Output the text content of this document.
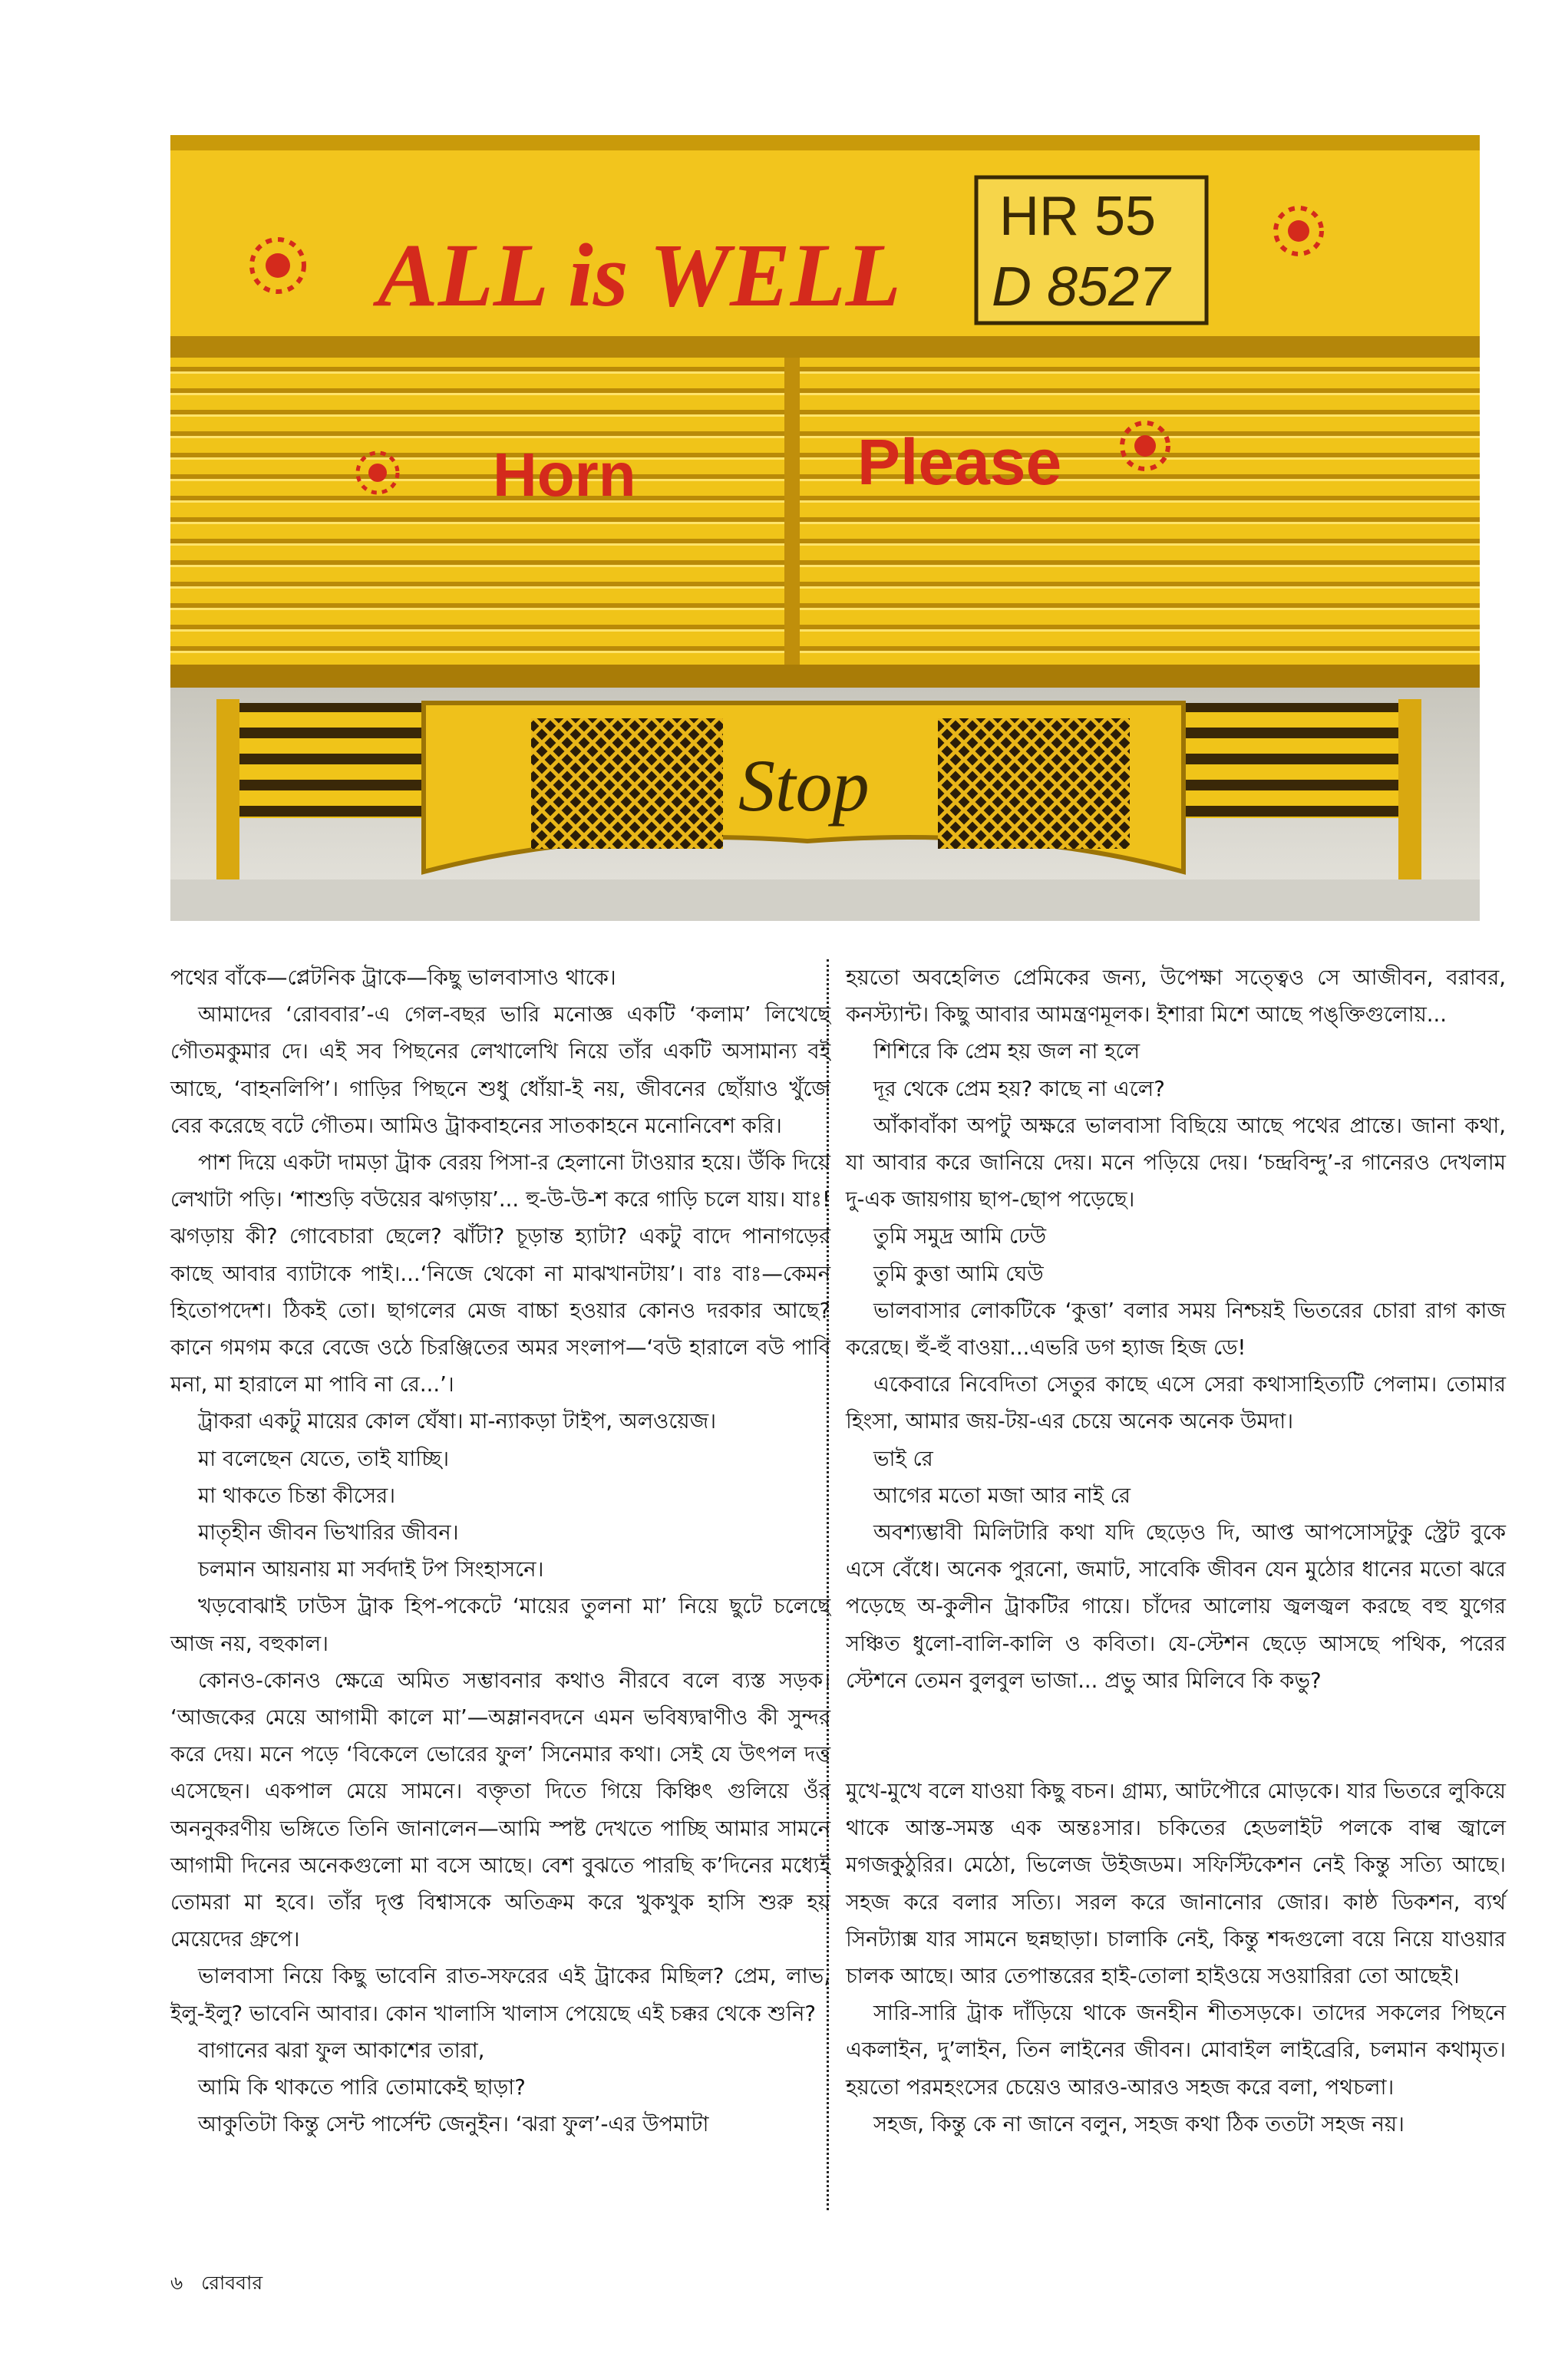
ALL is WELL
HR 55
D 8527
Horn	Please
Stop

পথের বাঁকে—প্লেটনিক ট্রাকে—কিছু ভালবাসাও থাকে।

আমাদের ‘রোববার’-এ গেল-বছর ভারি মনোজ্ঞ একটি ‘কলাম’ লিখেছে গৌতমকুমার দে। এই সব পিছনের লেখালেখি নিয়ে তাঁর একটি অসামান্য বই আছে, ‘বাহনলিপি’। গাড়ির পিছনে শুধু ধোঁয়া-ই নয়, জীবনের ছোঁয়াও খুঁজে বের করেছে বটে গৌতম। আমিও ট্রাকবাহনের সাতকাহনে মনোনিবেশ করি।

পাশ দিয়ে একটা দামড়া ট্রাক বেরয় পিসা-র হেলানো টাওয়ার হয়ে। উঁকি দিয়ে লেখাটা পড়ি। ‘শাশুড়ি বউয়ের ঝগড়ায়’... হু-উ-উ-শ করে গাড়ি চলে যায়। যাঃ! ঝগড়ায় কী? গোবেচারা ছেলে? ঝাঁটা? চূড়ান্ত হ্যাটা? একটু বাদে পানাগড়ের কাছে আবার ব্যাটাকে পাই।...‘নিজে থেকো না মাঝখানটায়’। বাঃ বাঃ—কেমন হিতোপদেশ। ঠিকই তো। ছাগলের মেজ বাচ্চা হওয়ার কোনও দরকার আছে? কানে গমগম করে বেজে ওঠে চিরঞ্জিতের অমর সংলাপ—‘বউ হারালে বউ পাবি মনা, মা হারালে মা পাবি না রে...’।

ট্রাকরা একটু মায়ের কোল ঘেঁষা। মা-ন্যাকড়া টাইপ, অলওয়েজ।

মা বলেছেন যেতে, তাই যাচ্ছি।

মা থাকতে চিন্তা কীসের।

মাতৃহীন জীবন ভিখারির জীবন।

চলমান আয়নায় মা সর্বদাই টপ সিংহাসনে।

খড়বোঝাই ঢাউস ট্রাক হিপ-পকেটে ‘মায়ের তুলনা মা’ নিয়ে ছুটে চলেছে আজ নয়, বহুকাল।

কোনও-কোনও ক্ষেত্রে অমিত সম্ভাবনার কথাও নীরবে বলে ব্যস্ত সড়ক। ‘আজকের মেয়ে আগামী কালে মা’—অম্লানবদনে এমন ভবিষ্যদ্বাণীও কী সুন্দর করে দেয়। মনে পড়ে ‘বিকেলে ভোরের ফুল’ সিনেমার কথা। সেই যে উৎপল দত্ত এসেছেন। একপাল মেয়ে সামনে। বক্তৃতা দিতে গিয়ে কিঞ্চিৎ গুলিয়ে ওঁর অননুকরণীয় ভঙ্গিতে তিনি জানালেন—আমি স্পষ্ট দেখতে পাচ্ছি আমার সামনে আগামী দিনের অনেকগুলো মা বসে আছে। বেশ বুঝতে পারছি ক’দিনের মধ্যেই তোমরা মা হবে। তাঁর দৃপ্ত বিশ্বাসকে অতিক্রম করে খুকখুক হাসি শুরু হয় মেয়েদের গ্রুপে।

ভালবাসা নিয়ে কিছু ভাবেনি রাত-সফরের এই ট্রাকের মিছিল? প্রেম, লাভ, ইলু-ইলু? ভাবেনি আবার। কোন খালাসি খালাস পেয়েছে এই চক্কর থেকে শুনি?

বাগানের ঝরা ফুল আকাশের তারা,

আমি কি থাকতে পারি তোমাকেই ছাড়া?

আকুতিটা কিন্তু সেন্ট পার্সেন্ট জেনুইন। ‘ঝরা ফুল’-এর উপমাটা

হয়তো অবহেলিত প্রেমিকের জন্য, উপেক্ষা সত্ত্বেও সে আজীবন, বরাবর, কনস্ট্যান্ট। কিছু আবার আমন্ত্রণমূলক। ইশারা মিশে আছে পঙ্‌ক্তিগুলোয়...

শিশিরে কি প্রেম হয় জল না হলে

দূর থেকে প্রেম হয়? কাছে না এলে?

আঁকাবাঁকা অপটু অক্ষরে ভালবাসা বিছিয়ে আছে পথের প্রান্তে। জানা কথা, যা আবার করে জানিয়ে দেয়। মনে পড়িয়ে দেয়। ‘চন্দ্রবিন্দু’-র গানেরও দেখলাম দু-এক জায়গায় ছাপ-ছোপ পড়েছে।

তুমি সমুদ্র আমি ঢেউ

তুমি কুত্তা আমি ঘেউ

ভালবাসার লোকটিকে ‘কুত্তা’ বলার সময় নিশ্চয়ই ভিতরের চোরা রাগ কাজ করেছে। হুঁ-হুঁ বাওয়া...এভরি ডগ হ্যাজ হিজ ডে!

একেবারে নিবেদিতা সেতুর কাছে এসে সেরা কথাসাহিত্যটি পেলাম। তোমার হিংসা, আমার জয়-টয়-এর চেয়ে অনেক অনেক উমদা।

ভাই রে

আগের মতো মজা আর নাই রে

অবশ্যম্ভাবী মিলিটারি কথা যদি ছেড়েও দি, আপ্ত আপসোসটুকু স্ট্রেট বুকে এসে বেঁধে। অনেক পুরনো, জমাট, সাবেকি জীবন যেন মুঠোর ধানের মতো ঝরে পড়েছে অ-কুলীন ট্রাকটির গায়ে। চাঁদের আলোয় জ্বলজ্বল করছে বহু যুগের সঞ্চিত ধুলো-বালি-কালি ও কবিতা। যে-স্টেশন ছেড়ে আসছে পথিক, পরের স্টেশনে তেমন বুলবুল ভাজা... প্রভু আর মিলিবে কি কভু?

মুখে-মুখে বলে যাওয়া কিছু বচন। গ্রাম্য, আটপৌরে মোড়কে। যার ভিতরে লুকিয়ে থাকে আস্ত-সমস্ত এক অন্তঃসার। চকিতের হেডলাইট পলকে বাল্ব জ্বালে মগজকুঠুরির। মেঠো, ভিলেজ উইজডম। সফিস্টিকেশন নেই কিন্তু সত্যি আছে। সহজ করে বলার সত্যি। সরল করে জানানোর জোর। কাষ্ঠ ডিকশন, ব্যর্থ সিনট্যাক্স যার সামনে ছন্নছাড়া। চালাকি নেই, কিন্তু শব্দগুলো বয়ে নিয়ে যাওয়ার চালক আছে। আর তেপান্তরের হাই-তোলা হাইওয়ে সওয়ারিরা তো আছেই।

সারি-সারি ট্রাক দাঁড়িয়ে থাকে জনহীন শীতসড়কে। তাদের সকলের পিছনে একলাইন, দু’লাইন, তিন লাইনের জীবন। মোবাইল লাইব্রেরি, চলমান কথামৃত। হয়তো পরমহংসের চেয়েও আরও-আরও সহজ করে বলা, পথচলা।

সহজ, কিন্তু কে না জানে বলুন, সহজ কথা ঠিক ততটা সহজ নয়।

৬ রোববার
